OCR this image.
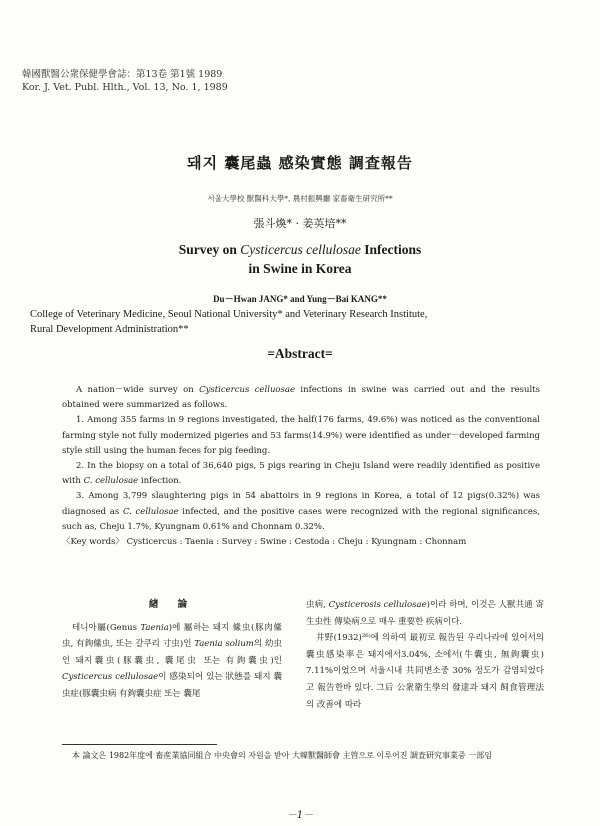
韓國獸醫公衆保健學會誌：第13卷 第1號 1989
Kor. J. Vet. Publ. Hlth., Vol. 13, No. 1, 1989
돼지 囊尾蟲 感染實態 調査報告
서울大學校 獸醫科大學*, 農村振興廳 家畜衛生研究所**
張斗煥* · 姜英培**
Survey on Cysticercus cellulosae Infections
in Swine in Korea
Du－Hwan JANG* and Yung－Bai KANG**
College of Veterinary Medicine, Seoul National University* and Veterinary Research Institute,
Rural Development Administration**
=Abstract=

A nation－wide survey on Cysticercus celluosae infections in swine was carried out and the results obtained were summarized as follows.

1. Among 355 farms in 9 regions investigated, the half(176 farms, 49.6%) was noticed as the conventional farming style not fully modernized pigeries and 53 farms(14.9%) were identified as under－developed farming style still using the human feces for pig feeding.

2. In the biopsy on a total of 36,640 pigs, 5 pigs rearing in Cheju Island were readily identified as positive with C. cellulosae infection.

3. Among 3,799 slaughtering pigs in 54 abattoirs in 9 regions in Korea, a total of 12 pigs(0.32%) was diagnosed as C. cellulosae infected, and the positive cases were recognized with the regional significances, such as, Cheju 1.7%, Kyungnam 0.61% and Chonnam 0.32%.

〈Key words〉 Cysticercus : Taenia : Survey : Swine : Cestoda : Cheju : Kyungnam : Chonnam

緖 論

테니아屬(Genus Taenia)에 屬하는 돼지 絛虫(豚肉絛虫, 有鉤絛虫, 또는 갈쿠리 寸虫)인 Taenia solium의 幼虫인 돼지囊虫(豚囊虫, 囊尾虫 또는 有鉤囊虫)인 Cysticercus cellulosae이 感染되어 있는 狀態를 돼지 囊虫症(豚囊虫病 有鉤囊虫症 또는 囊尾

虫病, Cysticerosis cellulosae)이라 하며, 이것은 人獸共通 寄生虫性 傳染病으로 매우 重要한 疾病이다.

井野(1932)²⁶⁾에 의하여 最初로 報告된 우리나라에 있어서의 囊虫感染率은 돼지에서3.04%, 소에서(牛囊虫, 無鉤囊虫) 7.11%이었으며 서울시내 共同변소중 30% 정도가 감염되었다고 報告한바 있다. 그后 公衆衛生學의 發達과 돼지 飼食管理法의 改善에 따라

本 論文은 1982年度에 畜産業協同組合 中央會의 자원을 받아 大韓獸醫師會 主管으로 이루어진 調査研究事業중 一部임
－1－
